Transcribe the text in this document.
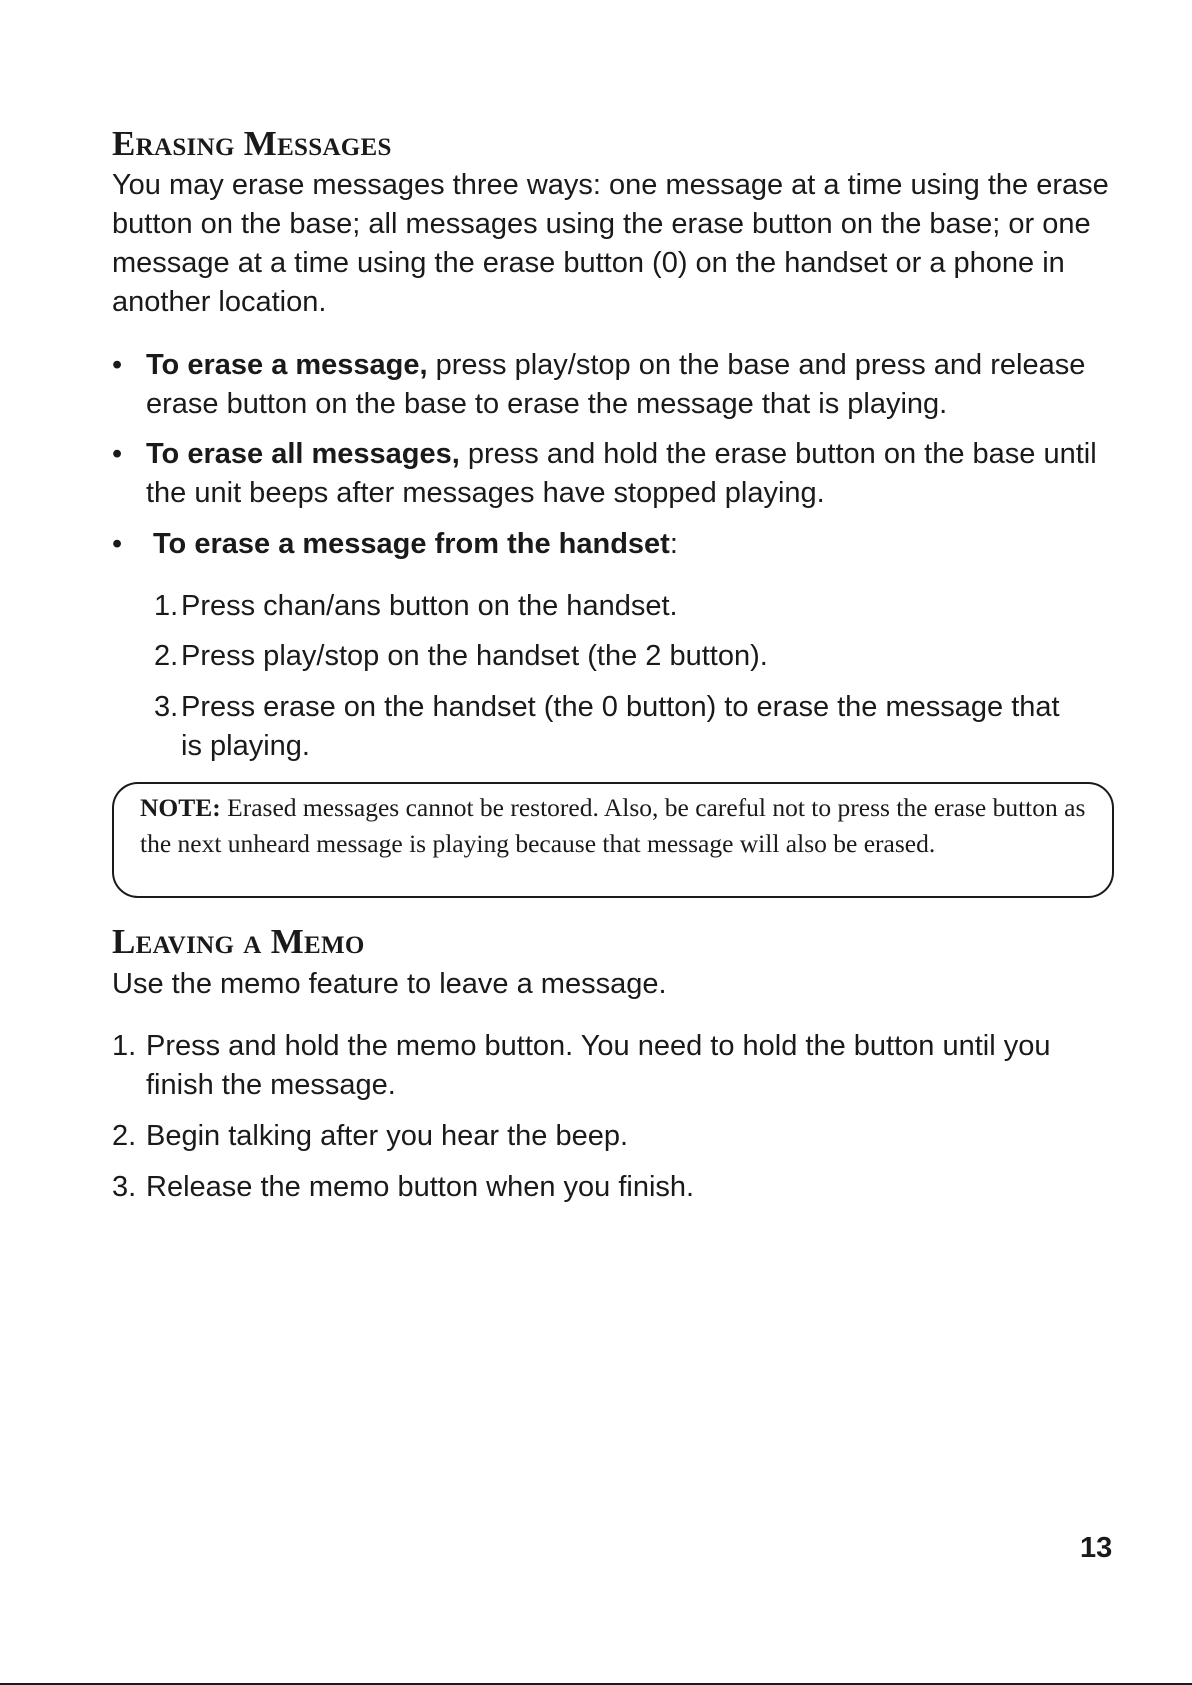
Erasing Messages
You may erase messages three ways: one message at a time using the erase button on the base; all messages using the erase button on the base; or one message at a time using the erase button (0) on the handset or a phone in another location.
• To erase a message, press play/stop on the base and press and release erase button on the base to erase the message that is playing.
• To erase all messages, press and hold the erase button on the base until the unit beeps after messages have stopped playing.
•	To erase a message from the handset:
1. Press chan/ans button on the handset.
2. Press play/stop on the handset (the 2 button).
3. Press erase on the handset (the 0 button) to erase the message that is playing.
NOTE: Erased messages cannot be restored. Also, be careful not to press the erase button as the next unheard message is playing because that message will also be erased.
Leaving a Memo
Use the memo feature to leave a message.
1. Press and hold the memo button. You need to hold the button until you finish the message.
2. Begin talking after you hear the beep.
3. Release the memo button when you finish.
13
